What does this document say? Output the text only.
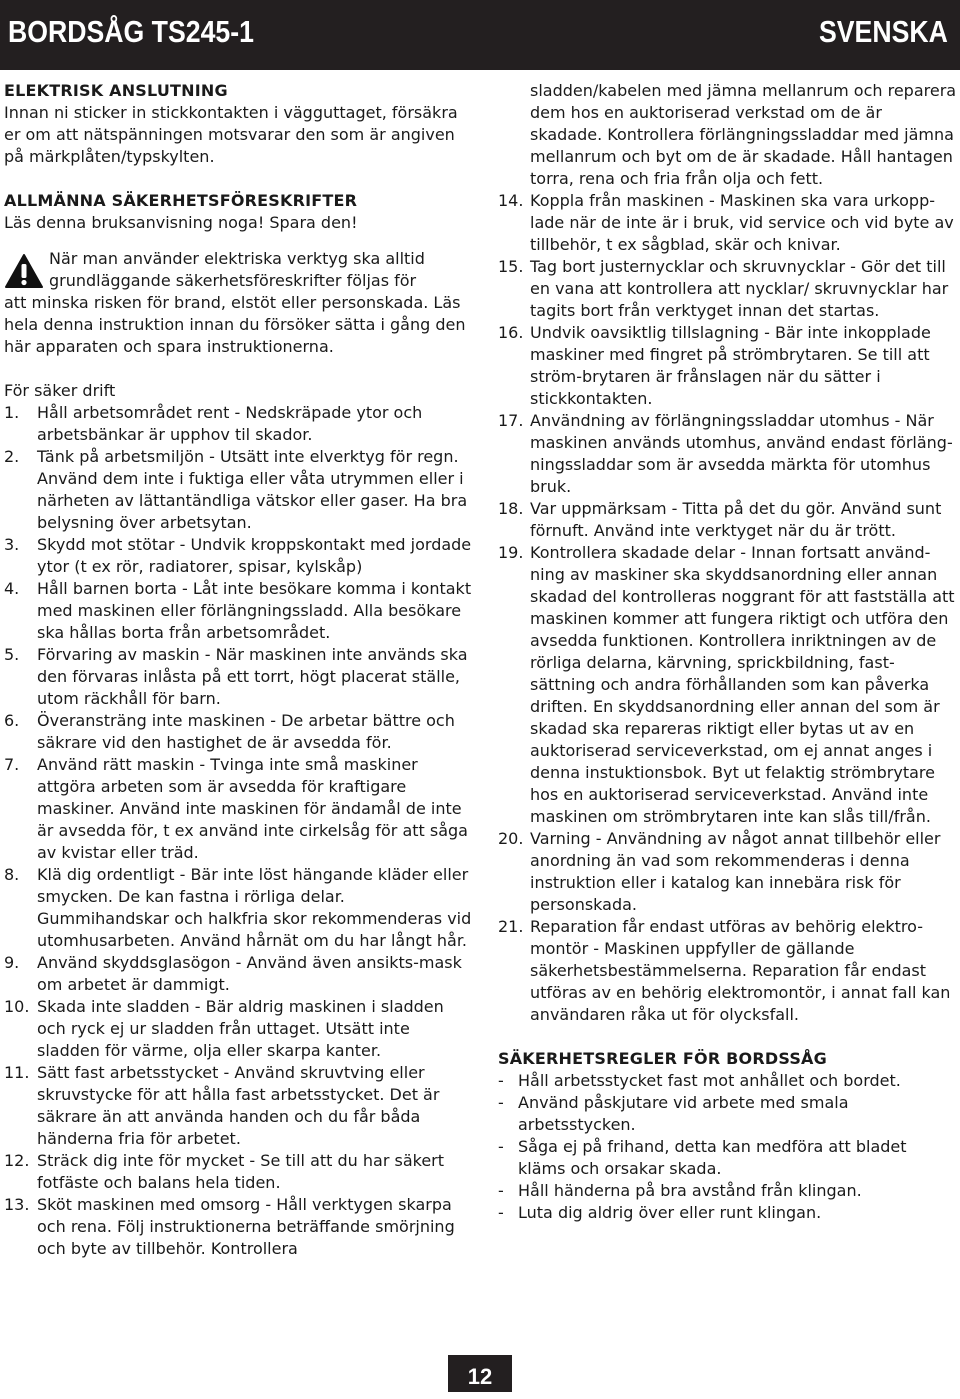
BORDSÅG TS245-1	SVENSKA

ELEKTRISK ANSLUTNING

Innan ni sticker in stickkontakten i vägguttaget, försäkra er om att nätspänningen motsvarar den som är angiven på märkplåten/typskylten.

ALLMÄNNA SÄKERHETSFÖRESKRIFTER

Läs denna bruksanvisning noga! Spara den!

När man använder elektriska verktyg ska alltid

grundläggande säkerhetsföreskrifter följas för

att minska risken för brand, elstöt eller personskada. Läs hela denna instruktion innan du försöker sätta i gång den här apparaten och spara instruktionerna.

För säker drift

1. Håll arbetsområdet rent - Nedskräpade ytor och arbetsbänkar är upphov til skador.

2. Tänk på arbetsmiljön - Utsätt inte elverktyg för regn. Använd dem inte i fuktiga eller våta utrymmen eller i närheten av lättantändliga vätskor eller gaser. Ha bra belysning över arbetsytan.

3. Skydd mot stötar - Undvik kroppskontakt med jordade ytor (t ex rör, radiatorer, spisar, kylskåp)

4. Håll barnen borta - Låt inte besökare komma i kontakt med maskinen eller förlängningssladd. Alla besökare ska hållas borta från arbetsområdet.

5. Förvaring av maskin - När maskinen inte används ska den förvaras inlåsta på ett torrt, högt placerat ställe, utom räckhåll för barn.

6. Överansträng inte maskinen - De arbetar bättre och säkrare vid den hastighet de är avsedda för.

7. Använd rätt maskin - Tvinga inte små maskiner attgöra arbeten som är avsedda för kraftigare maskiner. Använd inte maskinen för ändamål de inte är avsedda för, t ex använd inte cirkelsåg för att såga av kvistar eller träd.

8. Klä dig ordentligt - Bär inte löst hängande kläder eller smycken. De kan fastna i rörliga delar. Gummihandskar och halkfria skor rekommenderas vid utomhusarbeten. Använd hårnät om du har långt hår.

9. Använd skyddsglasögon - Använd även ansikts-mask om arbetet är dammigt.

10. Skada inte sladden - Bär aldrig maskinen i sladden och ryck ej ur sladden från uttaget. Utsätt inte sladden för värme, olja eller skarpa kanter.

11. Sätt fast arbetsstycket - Använd skruvtving eller skruvstycke för att hålla fast arbetsstycket. Det är säkrare än att använda handen och du får båda händerna fria för arbetet.

12. Sträck dig inte för mycket - Se till att du har säkert fotfäste och balans hela tiden.

13. Sköt maskinen med omsorg - Håll verktygen skarpa och rena. Följ instruktionerna beträffande smörjning och byte av tillbehör. Kontrollera

sladden/kabelen med jämna mellanrum och reparera dem hos en auktoriserad verkstad om de är skadade. Kontrollera förlängningssladdar med jämna mellanrum och byt om de är skadade. Håll hantagen torra, rena och fria från olja och fett.

14. Koppla från maskinen - Maskinen ska vara urkopp-lade när de inte är i bruk, vid service och vid byte av tillbehör, t ex sågblad, skär och knivar.

15. Tag bort justernycklar och skruvnycklar - Gör det till en vana att kontrollera att nycklar/ skruvnycklar har tagits bort från verktyget innan det startas.

16. Undvik oavsiktlig tillslagning - Bär inte inkopplade maskiner med fingret på strömbrytaren. Se till att ström-brytaren är frånslagen när du sätter i stickkontakten.

17. Användning av förlängningssladdar utomhus - När maskinen används utomhus, använd endast förläng-ningssladdar som är avsedda märkta för utomhus bruk.

18. Var uppmärksam - Titta på det du gör. Använd sunt förnuft. Använd inte verktyget när du är trött.

19. Kontrollera skadade delar - Innan fortsatt använd-ning av maskiner ska skyddsanordning eller annan skadad del kontrolleras noggrant för att fastställa att maskinen kommer att fungera riktigt och utföra den avsedda funktionen. Kontrollera inriktningen av de rörliga delarna, kärvning, sprickbildning, fast-sättning och andra förhållanden som kan påverka driften. En skyddsanordning eller annan del som är skadad ska repareras riktigt eller bytas ut av en auktoriserad serviceverkstad, om ej annat anges i denna instuktionsbok. Byt ut felaktig strömbrytare hos en auktoriserad serviceverkstad. Använd inte maskinen om strömbrytaren inte kan slås till/från.

20. Varning - Användning av något annat tillbehör eller anordning än vad som rekommenderas i denna instruktion eller i katalog kan innebära risk för personskada.

21. Reparation får endast utföras av behörig elektro-montör - Maskinen uppfyller de gällande säkerhetsbestämmelserna. Reparation får endast utföras av en behörig elektromontör, i annat fall kan användaren råka ut för olycksfall.

SÄKERHETSREGLER FÖR BORDSSÅG

- Håll arbetsstycket fast mot anhållet och bordet.

- Använd påskjutare vid arbete med smala arbetsstycken.

- Såga ej på frihand, detta kan medföra att bladet kläms och orsakar skada.

- Håll händerna på bra avstånd från klingan.

- Luta dig aldrig över eller runt klingan.

12
